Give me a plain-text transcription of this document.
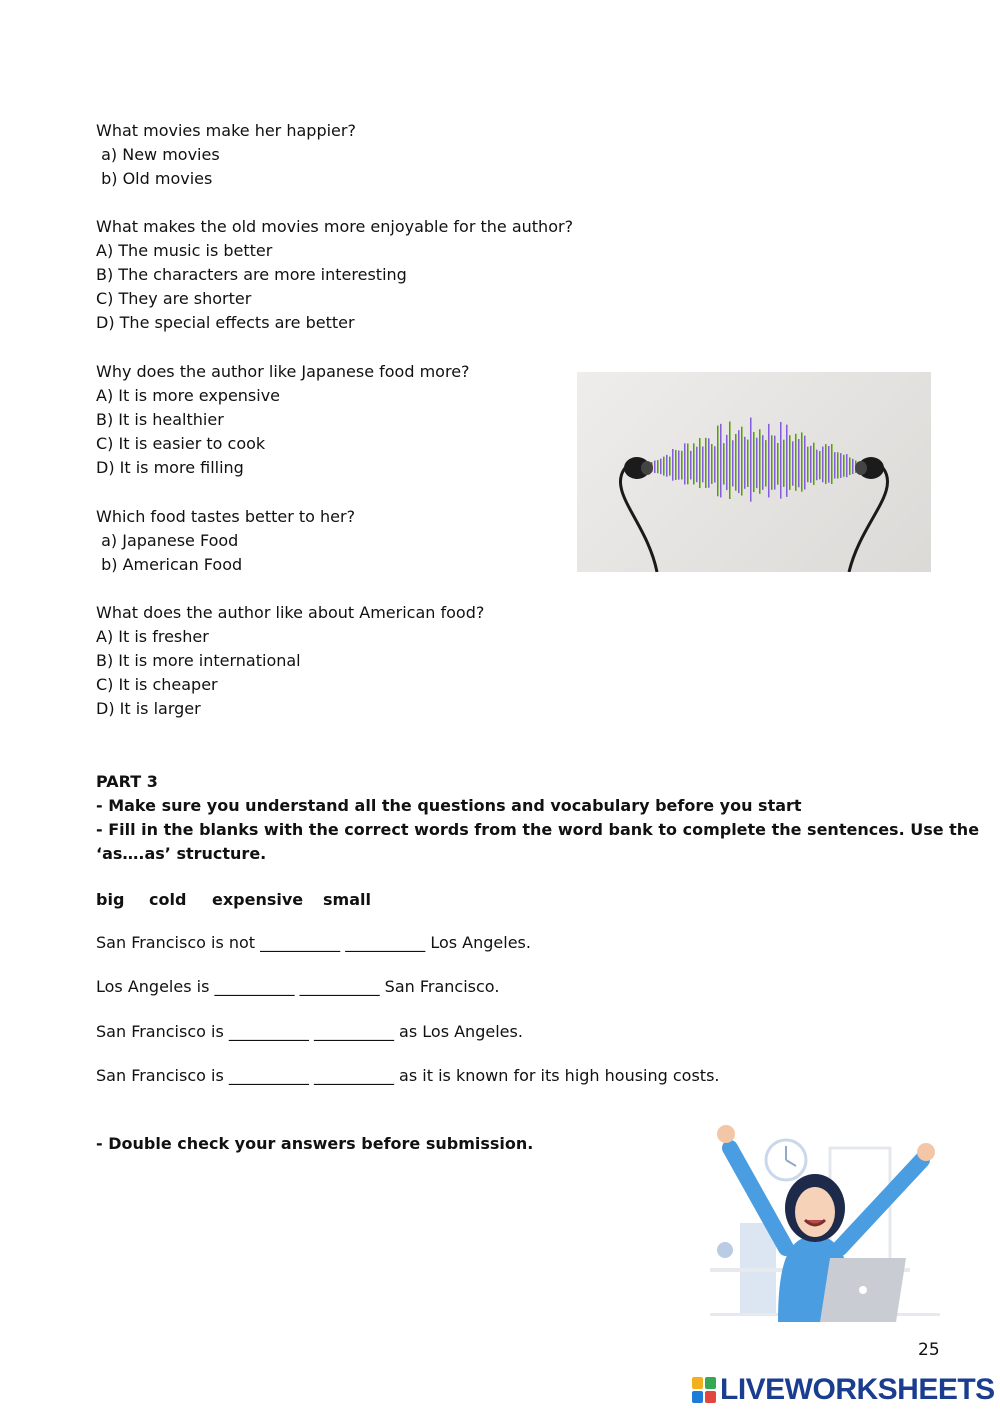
What movies make her happier?
a) New movies
b) Old movies
What makes the old movies more enjoyable for the author?
A) The music is better
B) The characters are more interesting
C) They are shorter
D) The special effects are better
Why does the author like Japanese food more?
A) It is more expensive
B) It is healthier
C) It is easier to cook
D) It is more filling
Which food tastes better to her?
a) Japanese Food
b) American Food
What does the author like about American food?
A) It is fresher
B) It is more international
C) It is cheaper
D) It is larger
PART 3
- Make sure you understand all the questions and vocabulary before you start
- Fill in the blanks with the correct words from the word bank to complete the sentences. Use the
‘as….as’ structure.
big cold expensive small
San Francisco is not __________ __________ Los Angeles.
Los Angeles is __________ __________ San Francisco.
San Francisco is __________ __________ as Los Angeles.
San Francisco is __________ __________ as it is known for its high housing costs.
- Double check your answers before submission.
25
LIVEWORKSHEETS
